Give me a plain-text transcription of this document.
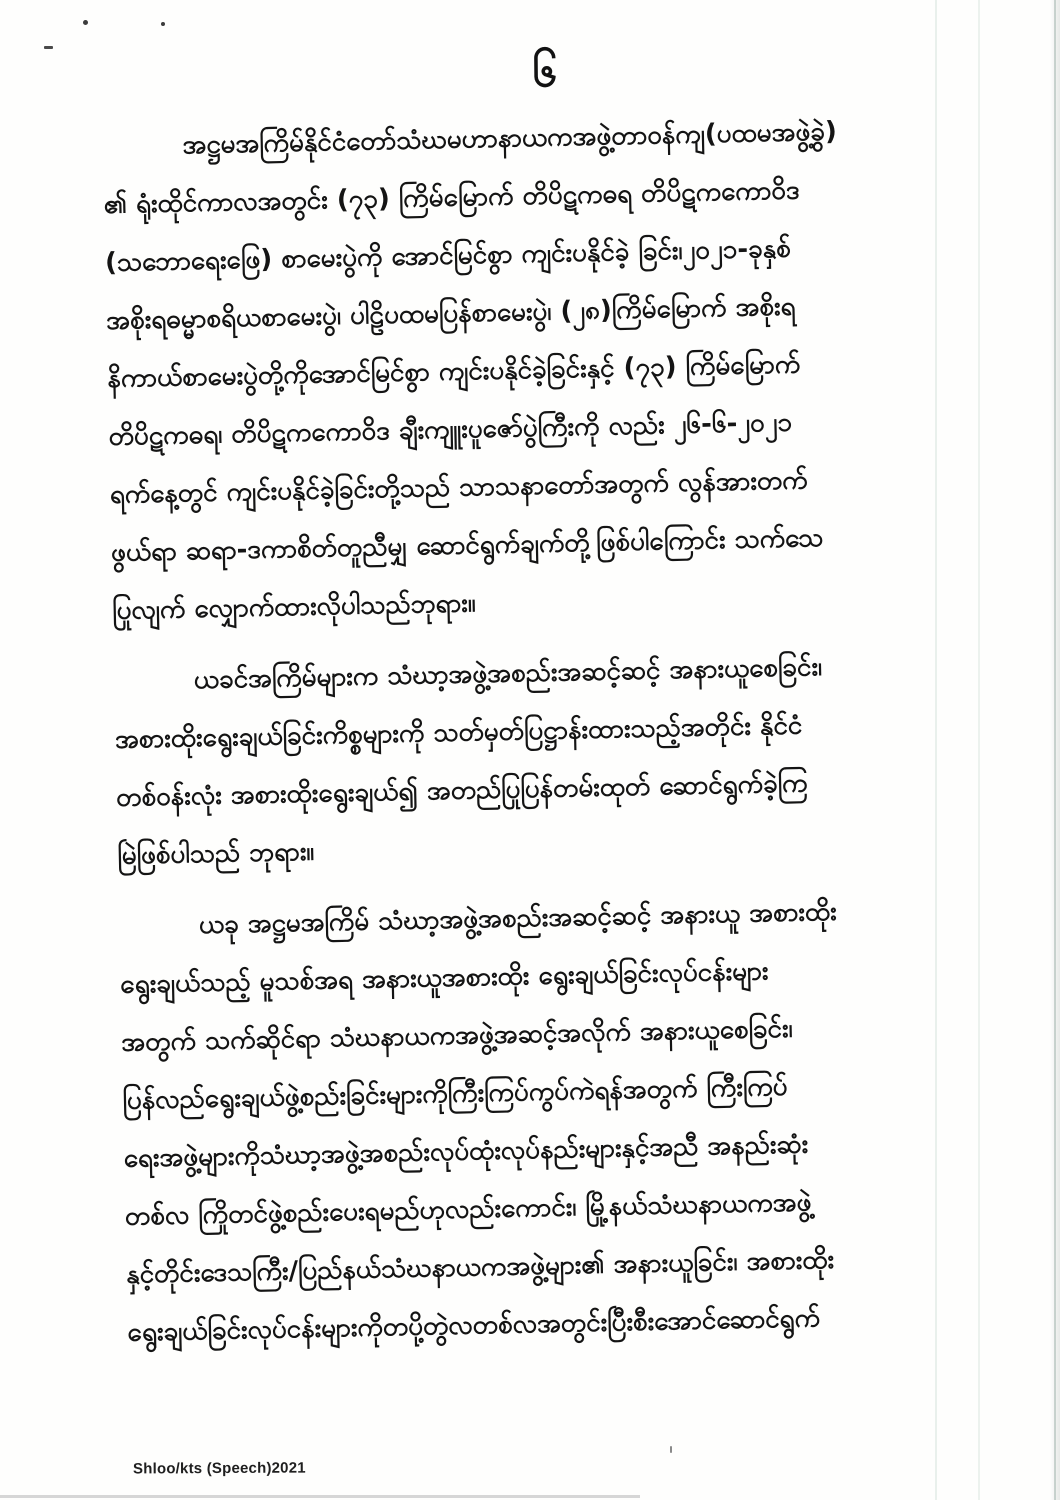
၆
အဋ္ဌမအကြိမ်နိုင်ငံတော်သံဃမဟာနာယကအဖွဲ့တာဝန်ကျ(ပထမအဖွဲ့ခွဲ)
၏ ရုံးထိုင်ကာလအတွင်း (၇၃) ကြိမ်မြောက် တိပိဋကဓရ တိပိဋကကောဝိဒ
(သဘောရေးဖြေ) စာမေးပွဲကို အောင်မြင်စွာ ကျင်းပနိုင်ခဲ့ ခြင်း၊၂၀၂၁-ခုနှစ်
အစိုးရဓမ္မာစရိယစာမေးပွဲ၊ ပါဠိပထမပြန်စာမေးပွဲ၊ (၂၈)ကြိမ်မြောက် အစိုးရ
နိကာယ်စာမေးပွဲတို့ကိုအောင်မြင်စွာ ကျင်းပနိုင်ခဲ့ခြင်းနှင့် (၇၃) ကြိမ်မြောက်
တိပိဋကဓရ၊ တိပိဋကကောဝိဒ ချီးကျူးပူဇော်ပွဲကြီးကို လည်း ၂၆-၆-၂၀၂၁
ရက်နေ့တွင် ကျင်းပနိုင်ခဲ့ခြင်းတို့သည် သာသနာတော်အတွက် လွန်အားတက်
ဖွယ်ရာ ဆရာ-ဒကာစိတ်တူညီမျှ ဆောင်ရွက်ချက်တို့ဖြစ်ပါကြောင်း သက်သေ
ပြုလျက် လျှောက်ထားလိုပါသည်ဘုရား။
ယခင်အကြိမ်များက သံဃာ့အဖွဲ့အစည်းအဆင့်ဆင့် အနားယူစေခြင်း၊
အစားထိုးရွေးချယ်ခြင်းကိစ္စများကို သတ်မှတ်ပြဋ္ဌာန်းထားသည့်အတိုင်း နိုင်ငံ
တစ်ဝန်းလုံး အစားထိုးရွေးချယ်၍ အတည်ပြုပြန်တမ်းထုတ် ဆောင်ရွက်ခဲ့ကြ
မြဲဖြစ်ပါသည် ဘုရား။
ယခု အဋ္ဌမအကြိမ် သံဃာ့အဖွဲ့အစည်းအဆင့်ဆင့် အနားယူ အစားထိုး
ရွေးချယ်သည့် မူသစ်အရ အနားယူအစားထိုး ရွေးချယ်ခြင်းလုပ်ငန်းများ
အတွက် သက်ဆိုင်ရာ သံဃနာယကအဖွဲ့အဆင့်အလိုက် အနားယူစေခြင်း၊
ပြန်လည်ရွေးချယ်ဖွဲ့စည်းခြင်းများကိုကြီးကြပ်ကွပ်ကဲရန်အတွက် ကြီးကြပ်
ရေးအဖွဲ့များကိုသံဃာ့အဖွဲ့အစည်းလုပ်ထုံးလုပ်နည်းများနှင့်အညီ အနည်းဆုံး
တစ်လ ကြိုတင်ဖွဲ့စည်းပေးရမည်ဟုလည်းကောင်း၊ မြို့နယ်သံဃနာယကအဖွဲ့
နှင့်တိုင်းဒေသကြီး/ပြည်နယ်သံဃနာယကအဖွဲ့များ၏ အနားယူခြင်း၊ အစားထိုး
ရွေးချယ်ခြင်းလုပ်ငန်းများကိုတပို့တွဲလတစ်လအတွင်းပြီးစီးအောင်ဆောင်ရွက်
Shloo/kts (Speech)2021
